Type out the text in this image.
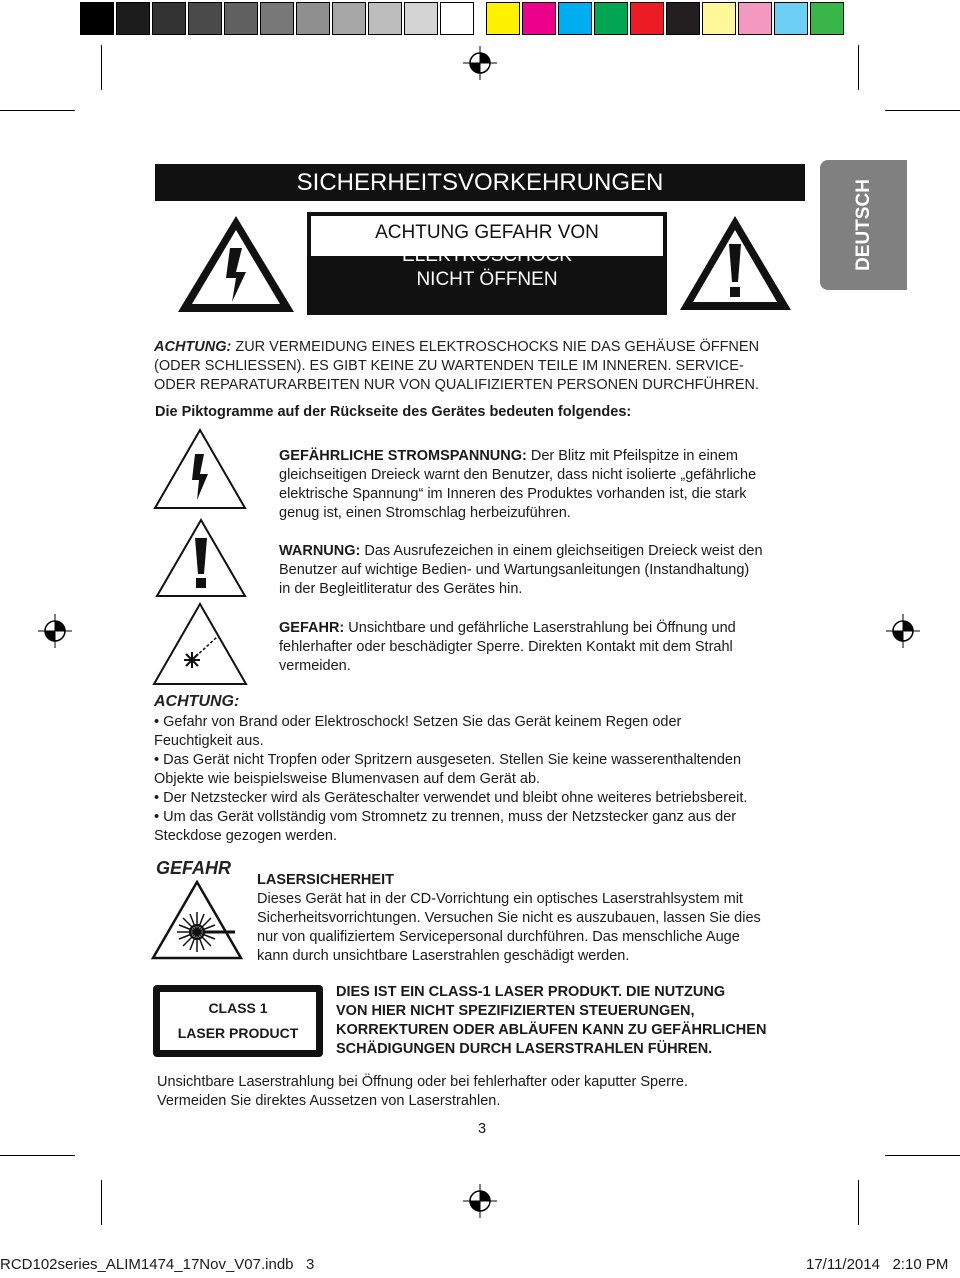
SICHERHEITSVORKEHRUNGEN	DEUTSCH
ACHTUNG GEFAHR VON
ELEKTROSCHOCK
NICHT ÖFFNEN
ACHTUNG: ZUR VERMEIDUNG EINES ELEKTROSCHOCKS NIE DAS GEHÄUSE ÖFFNEN
(ODER SCHLIESSEN). ES GIBT KEINE ZU WARTENDEN TEILE IM INNEREN. SERVICE-
ODER REPARATURARBEITEN NUR VON QUALIFIZIERTEN PERSONEN DURCHFÜHREN.
Die Piktogramme auf der Rückseite des Gerätes bedeuten folgendes:
GEFÄHRLICHE STROMSPANNUNG: Der Blitz mit Pfeilspitze in einem
gleichseitigen Dreieck warnt den Benutzer, dass nicht isolierte „gefährliche
elektrische Spannung“ im Inneren des Produktes vorhanden ist, die stark
genug ist, einen Stromschlag herbeizuführen.
WARNUNG: Das Ausrufezeichen in einem gleichseitigen Dreieck weist den
Benutzer auf wichtige Bedien- und Wartungsanleitungen (Instandhaltung)
in der Begleitliteratur des Gerätes hin.
GEFAHR: Unsichtbare und gefährliche Laserstrahlung bei Öffnung und
fehlerhafter oder beschädigter Sperre. Direkten Kontakt mit dem Strahl
vermeiden.
ACHTUNG:
• Gefahr von Brand oder Elektroschock! Setzen Sie das Gerät keinem Regen oder
Feuchtigkeit aus.
• Das Gerät nicht Tropfen oder Spritzern ausgeseten. Stellen Sie keine wasserenthaltenden
Objekte wie beispielsweise Blumenvasen auf dem Gerät ab.
• Der Netzstecker wird als Geräteschalter verwendet und bleibt ohne weiteres betriebsbereit.
• Um das Gerät vollständig vom Stromnetz zu trennen, muss der Netzstecker ganz aus der
Steckdose gezogen werden.
GEFAHR
LASERSICHERHEIT
Dieses Gerät hat in der CD-Vorrichtung ein optisches Laserstrahlsystem mit
Sicherheitsvorrichtungen. Versuchen Sie nicht es auszubauen, lassen Sie dies
nur von qualifiziertem Servicepersonal durchführen. Das menschliche Auge
kann durch unsichtbare Laserstrahlen geschädigt werden.
CLASS 1
LASER PRODUCT
DIES IST EIN CLASS-1 LASER PRODUKT. DIE NUTZUNG
VON HIER NICHT SPEZIFIZIERTEN STEUERUNGEN,
KORREKTUREN ODER ABLÄUFEN KANN ZU GEFÄHRLICHEN
SCHÄDIGUNGEN DURCH LASERSTRAHLEN FÜHREN.
Unsichtbare Laserstrahlung bei Öffnung oder bei fehlerhafter oder kaputter Sperre.
Vermeiden Sie direktes Aussetzen von Laserstrahlen.
3
RCD102series_ALIM1474_17Nov_V07.indb   3	17/11/2014   2:10 PM
